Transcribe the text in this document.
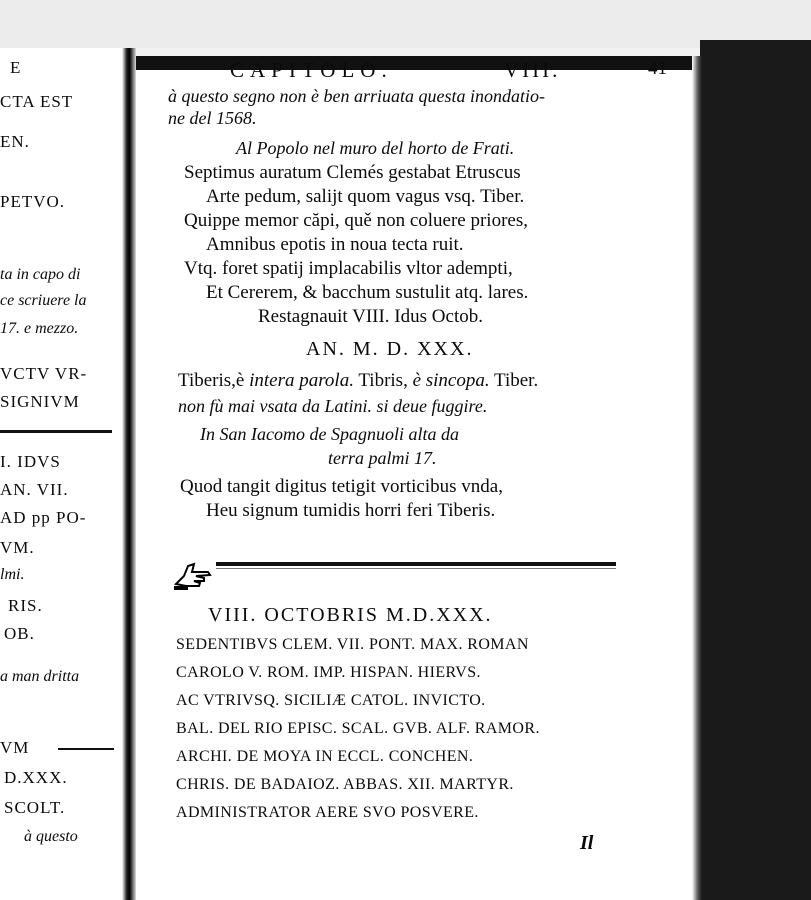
E
CTA EST
EN.
PETVO.
ta in capo di
ce scriuere la
17. e mezzo.
VCTV VR-
SIGNIVM
I. IDVS
AN. VII.
AD pp PO-
VM.
lmi.
RIS.
OB.
a man dritta
VM
D.XXX.
SCOLT.
à questo
CAPITOLO.	VIII.	41
à questo segno non è ben arriuata questa inondatio-
ne del 1568.
Al Popolo nel muro del horto de Frati.
Septimus auratum Clemés gestabat Etruscus
Arte pedum, salijt quom vagus vsq. Tiber.
Quippe memor căpi, quě non coluere priores,
Amnibus epotis in noua tecta ruit.
Vtq. foret spatij implacabilis vltor adempti,
Et Cererem, & bacchum sustulit atq. lares.
Restagnauit VIII. Idus Octob.
AN. M. D. XXX.
Tiberis,è intera parola. Tibris, è sincopa. Tiber.
non fù mai vsata da Latini. si deue fuggire.
In San Iacomo de Spagnuoli alta da
terra palmi 17.
Quod tangit digitus tetigit vorticibus vnda,
Heu signum tumidis horri feri Tiberis.
VIII. OCTOBRIS M.D.XXX.
SEDENTIBVS CLEM. VII. PONT. MAX. ROMAN
CAROLO V. ROM. IMP. HISPAN. HIERVS.
AC VTRIVSQ. SICILIÆ CATOL. INVICTO.
BAL. DEL RIO EPISC. SCAL. GVB. ALF. RAMOR.
ARCHI. DE MOYA IN ECCL. CONCHEN.
CHRIS. DE BADAIOZ. ABBAS. XII. MARTYR.
ADMINISTRATOR AERE SVO POSVERE.
Il
